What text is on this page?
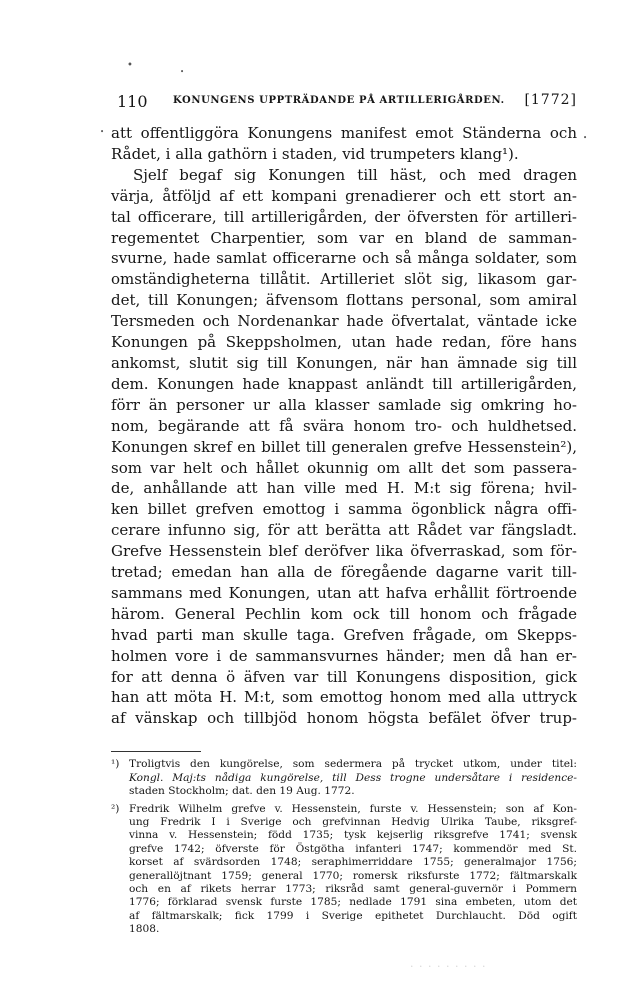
•
•
•
•
· · · · · · · · ·
110	KONUNGENS UPPTRÄDANDE PÅ ARTILLERIGÅRDEN. [1772]
att offentliggöra Konungens manifest emot Ständerna och
Rådet, i alla gathörn i staden, vid trumpeters klang¹).
Sjelf begaf sig Konungen till häst, och med dragen
värja, åtföljd af ett kompani grenadierer och ett stort an-
tal officerare, till artillerigården, der öfversten för artilleri-
regementet Charpentier, som var en bland de samman-
svurne, hade samlat officerarne och så många soldater, som
omständigheterna tillåtit. Artilleriet slöt sig, likasom gar-
det, till Konungen; äfvensom flottans personal, som amiral
Tersmeden och Nordenankar hade öfvertalat, väntade icke
Konungen på Skeppsholmen, utan hade redan, före hans
ankomst, slutit sig till Konungen, när han ämnade sig till
dem. Konungen hade knappast anländt till artillerigården,
förr än personer ur alla klasser samlade sig omkring ho-
nom, begärande att få svära honom tro- och huldhetsed.
Konungen skref en billet till generalen grefve Hessenstein²),
som var helt och hållet okunnig om allt det som passera-
de, anhållande att han ville med H. M:t sig förena; hvil-
ken billet grefven emottog i samma ögonblick några offi-
cerare infunno sig, för att berätta att Rådet var fängsladt.
Grefve Hessenstein blef deröfver lika öfverraskad, som för-
tretad; emedan han alla de föregående dagarne varit till-
sammans med Konungen, utan att hafva erhållit förtroende
härom. General Pechlin kom ock till honom och frågade
hvad parti man skulle taga. Grefven frågade, om Skepps-
holmen vore i de sammansvurnes händer; men då han er-
for att denna ö äfven var till Konungens disposition, gick
han att möta H. M:t, som emottog honom med alla uttryck
af vänskap och tillbjöd honom högsta befälet öfver trup-
¹) Troligtvis den kungörelse, som sedermera på trycket utkom, under titel:
Kongl. Maj:ts nådiga kungörelse, till Dess trogne undersåtare i residence-
staden Stockholm; dat. den 19 Aug. 1772.
²) Fredrik Wilhelm grefve v. Hessenstein, furste v. Hessenstein; son af Kon-
ung Fredrik I i Sverige och grefvinnan Hedvig Ulrika Taube, riksgref-
vinna v. Hessenstein; född 1735; tysk kejserlig riksgrefve 1741; svensk
grefve 1742; öfverste för Östgötha infanteri 1747; kommendör med St.
korset af svärdsorden 1748; seraphimerriddare 1755; generalmajor 1756;
generallöjtnant 1759; general 1770; romersk riksfurste 1772; fältmarskalk
och en af rikets herrar 1773; riksråd samt general-guvernör i Pommern
1776; förklarad svensk furste 1785; nedlade 1791 sina embeten, utom det
af fältmarskalk; fick 1799 i Sverige epithetet Durchlaucht. Död ogift
1808.
